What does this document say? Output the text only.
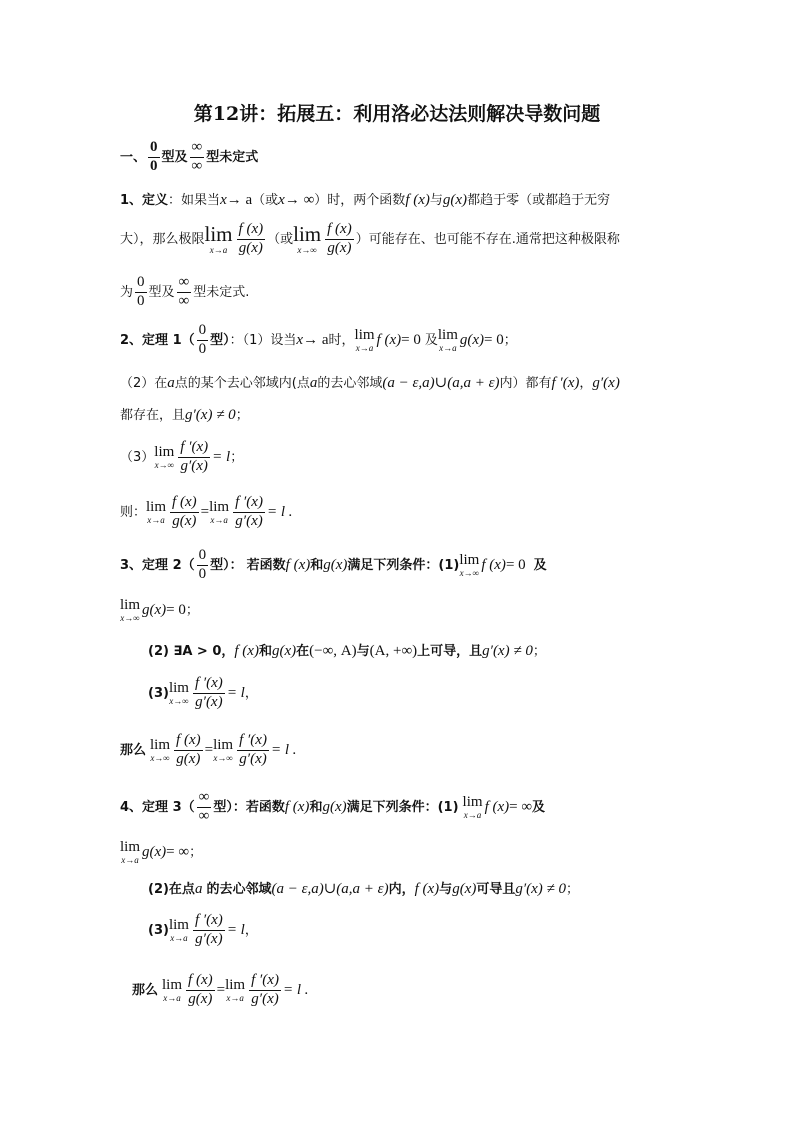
第12讲：拓展五：利用洛必达法则解决导数问题
一、 $\frac{0}{0}$ 型及 $\frac{\infty}{\infty}$ 型未定式
1、定义：如果当x→ a（或x→ ∞）时，两个函数f (x)与g(x)都趋于零（或都趋于无穷
大），那么极限 lim
$x\to a \frac{f (x)}{g(x)}$ （或 lim
$x\to\infty \frac{f (x)}{g(x)}$ ）可能存在、也可能不存在.通常把这种极限称
为 $\frac{0}{0}$ 型及 $\frac{\infty}{\infty}$ 型未定式.
2、定理 $1( \frac{0}{0}$ 型）：（1）设当x→ a时， lim
x→a f (x)= 0 及 lim
x→a g(x)= 0；
（2）在a点的某个去心邻域内(点a的去心邻域(a − ε,a)∪(a,a + ε)内）都有f ′(x)，g′(x)
都存在，且g′(x) ≠ 0；
（3） lim
$x\to\infty \frac{f '(x)}{g'(x)} = l$；
则： lim
$x\to a \frac{f (x)}{g(x)} = \lim$
$x\to a \frac{f '(x)}{g'(x)} = l$ .
3、定理 $2( \frac{0}{0}$ 型）： 若函数f (x)和g(x)满足下列条件：(1) lim
x→∞ f (x)= 0 及
lim
x→∞ g(x)= 0；
(2) ∃A > 0，f (x)和g(x)在(−∞, A)与(A, +∞)上可导，且g′(x) ≠ 0；
(3) lim
$x\to\infty \frac{f '(x)}{g'(x)} = l$，
那么 lim
$x\to\infty \frac{f (x)}{g(x)} = \lim$
$x\to\infty \frac{f '(x)}{g'(x)} = l$ .
4、定理 $3( \frac{\infty}{\infty}$ 型）：若函数f (x)和g(x)满足下列条件：(1) lim
x→a f (x)= ∞及
lim
x→a g(x)= ∞；
(2)在点a 的去心邻域(a − ε,a)∪(a,a + ε)内，f (x)与g(x)可导且g′(x) ≠ 0；
(3) lim
$x\to a \frac{f '(x)}{g'(x)} = l$，
那么 lim
$x\to a \frac{f (x)}{g(x)} = \lim$
$x\to a \frac{f '(x)}{g'(x)} = l$ .
